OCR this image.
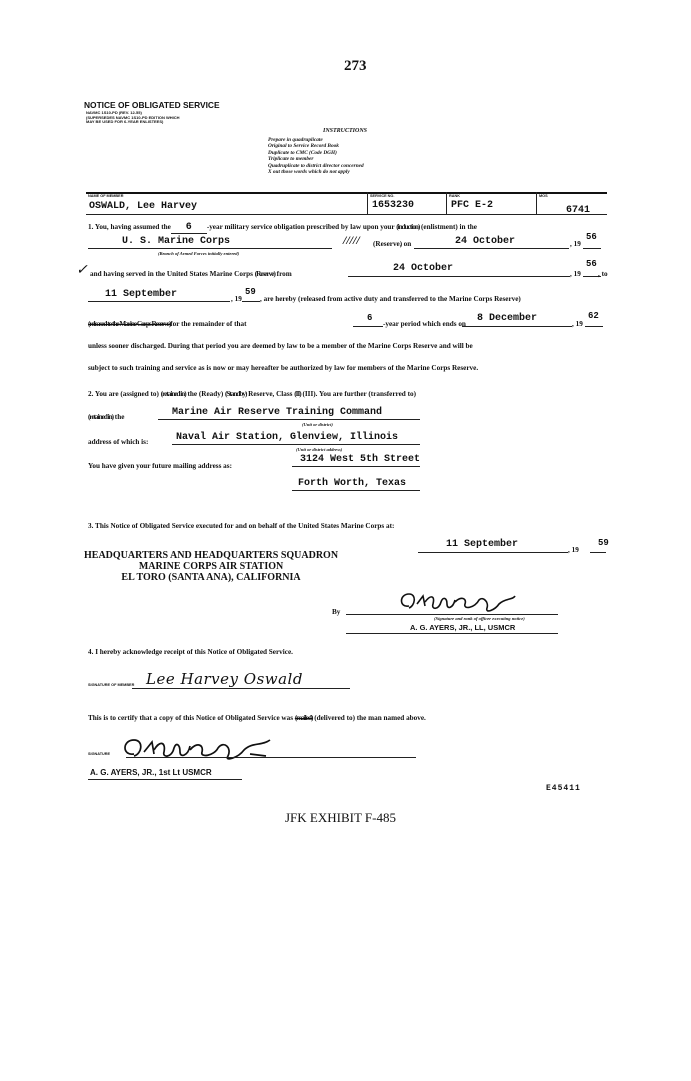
273
NOTICE OF OBLIGATED SERVICE
NAVMC 1S10-PD (REV. 12-55)
(SUPERSEDES NAVMC 1S10-PD EDITION WHICH
MAY BE USED FOR 6-YEAR ENLISTEES)
INSTRUCTIONS
Prepare in quadruplicate
Original to Service Record Book
Duplicate to CMC (Code DGH)
Triplicate to member
Quadruplicate to district director concerned
X out those words which do not apply
NAME OF MEMBER
OSWALD, Lee Harvey
SERVICE NO.
1653230
RANK
PFC E-2
MOS
6741
1. You, having assumed the 6 -year military service obligation prescribed by law upon your (induction) (enlistment) in the
U. S. Marine Corps
(Branch of Armed Forces initially entered)
///// (Reserve)
, on	24 October	, 19
56
✓ and having served in the United States Marine Corps (Reserve) from	24 October	, 19
56
, to
11 September	, 19
59
, are hereby (released from active duty and transferred to the Marine Corps Reserve)
(released to the Marine Corps Reserve)for the remainder of that
6
-year period which ends on 8 December	, 19
62
unless sooner discharged. During that period you are deemed by law to be a member of the Marine Corps Reserve and will be
subject to such training and service as is now or may hereafter be authorized by law for members of the Marine Corps Reserve.
2. You are (assigned to) (retained in) the (Ready) (Standby) Reserve, Class (II) (III). You are further (transferred to)
(retained in) the	Marine Air Reserve Training Command
(Unit or district)
address of which is:	Naval Air Station, Glenview, Illinois
(Unit or district address)
You have given your future mailing address as:
3124 West 5th Street
Forth Worth, Texas
3. This Notice of Obligated Service executed for and on behalf of the United States Marine Corps at:
11 September	, 19
59
HEADQUARTERS AND HEADQUARTERS SQUADRON
MARINE CORPS AIR STATION
EL TORO (SANTA ANA), CALIFORNIA
By
(Signature and rank of officer executing notice)
A. G. AYERS, JR., LL, USMCR
4. I hereby acknowledge receipt of this Notice of Obligated Service.
SIGNATURE OF MEMBER Lee Harvey Oswald
This is to certify that a copy of this Notice of Obligated Service was (mailed) (delivered to) the man named above.
SIGNATURE
A. G. AYERS, JR., 1st Lt USMCR
E45411
JFK EXHIBIT F-485
